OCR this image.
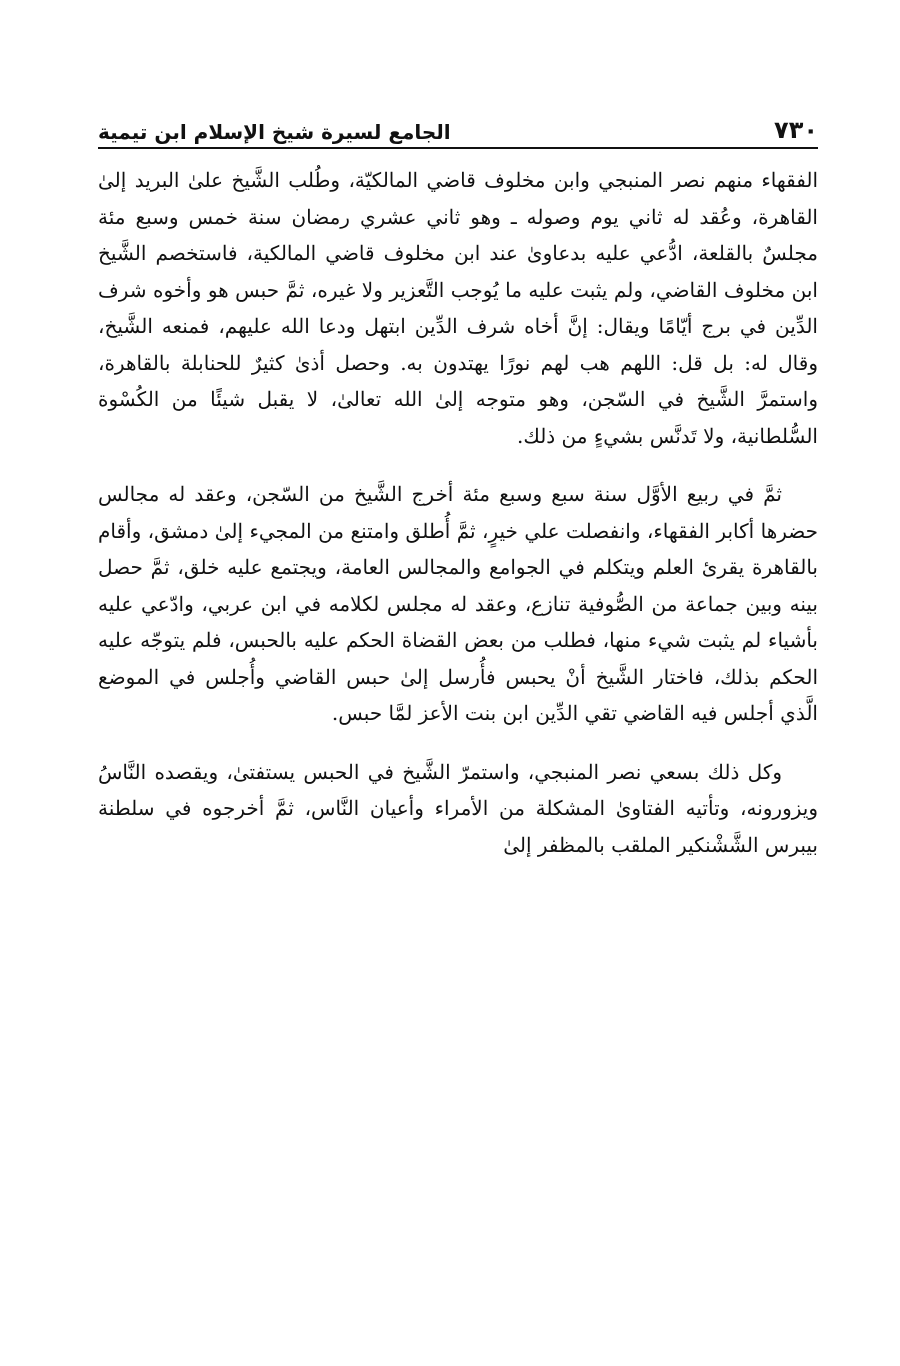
٧٣٠
الجامع لسيرة شيخ الإسلام ابن تيمية

الفقهاء منهم نصر المنبجي وابن مخلوف قاضي المالكيّة، وطُلب الشَّيخ علىٰ البريد إلىٰ القاهرة، وعُقد له ثاني يوم وصوله ـ وهو ثاني عشري رمضان سنة خمس وسبع مئة مجلسٌ بالقلعة، ادُّعي عليه بدعاوىٰ عند ابن مخلوف قاضي المالكية، فاستخصم الشَّيخ ابن مخلوف القاضي، ولم يثبت عليه ما يُوجب التَّعزير ولا غيره، ثمَّ حبس هو وأخوه شرف الدِّين في برج أيّامًا ويقال: إنَّ أخاه شرف الدِّين ابتهل ودعا الله عليهم، فمنعه الشَّيخ، وقال له: بل قل: اللهم هب لهم نورًا يهتدون به. وحصل أذىٰ كثيرٌ للحنابلة بالقاهرة، واستمرَّ الشَّيخ في السّجن، وهو متوجه إلىٰ الله تعالىٰ، لا يقبل شيئًا من الكُسْوة السُّلطانية، ولا تَدنَّس بشيءٍ من ذلك.

ثمَّ في ربيع الأوَّل سنة سبع وسبع مئة أخرج الشَّيخ من السّجن، وعقد له مجالس حضرها أكابر الفقهاء، وانفصلت علي خيرٍ، ثمَّ أُطلق وامتنع من المجيء إلىٰ دمشق، وأقام بالقاهرة يقرئ العلم ويتكلم في الجوامع والمجالس العامة، ويجتمع عليه خلق، ثمَّ حصل بينه وبين جماعة من الصُّوفية تنازع، وعقد له مجلس لكلامه في ابن عربي، وادّعي عليه بأشياء لم يثبت شيء منها، فطلب من بعض القضاة الحكم عليه بالحبس، فلم يتوجّه عليه الحكم بذلك، فاختار الشَّيخ أنْ يحبس فأُرسل إلىٰ حبس القاضي وأُجلس في الموضع الَّذي أجلس فيه القاضي تقي الدِّين ابن بنت الأعز لمَّا حبس.

وكل ذلك بسعي نصر المنبجي، واستمرّ الشَّيخ في الحبس يستفتىٰ، ويقصده النَّاسُ ويزورونه، وتأتيه الفتاوىٰ المشكلة من الأمراء وأعيان النَّاس، ثمَّ أخرجوه في سلطنة بيبرس الشَّشْنكير الملقب بالمظفر إلىٰ
